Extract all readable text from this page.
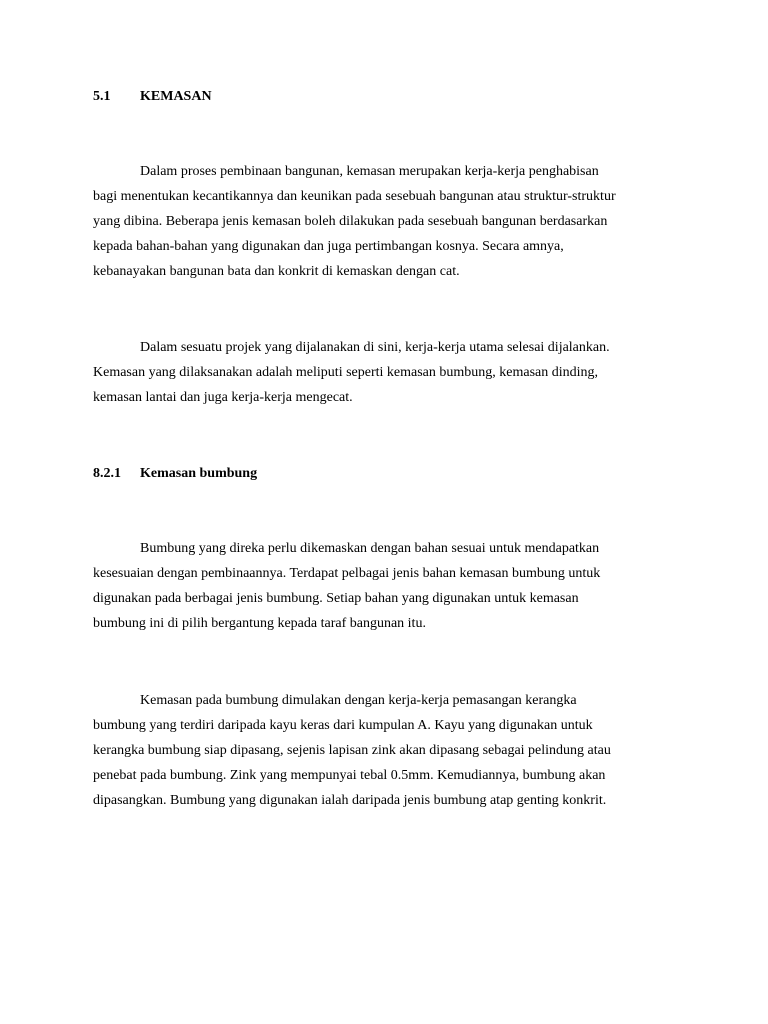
5.1 KEMASAN
Dalam proses pembinaan bangunan, kemasan merupakan kerja-kerja penghabisan
bagi menentukan kecantikannya dan keunikan pada sesebuah bangunan atau struktur-struktur
yang dibina. Beberapa jenis kemasan boleh dilakukan pada sesebuah bangunan berdasarkan
kepada bahan-bahan yang digunakan dan juga pertimbangan kosnya. Secara amnya,
kebanayakan bangunan bata dan konkrit di kemaskan dengan cat.
Dalam sesuatu projek yang dijalanakan di sini, kerja-kerja utama selesai dijalankan.
Kemasan yang dilaksanakan adalah meliputi seperti kemasan bumbung, kemasan dinding,
kemasan lantai dan juga kerja-kerja mengecat.
8.2.1 Kemasan bumbung
Bumbung yang direka perlu dikemaskan dengan bahan sesuai untuk mendapatkan
kesesuaian dengan pembinaannya. Terdapat pelbagai jenis bahan kemasan bumbung untuk
digunakan pada berbagai jenis bumbung. Setiap bahan yang digunakan untuk kemasan
bumbung ini di pilih bergantung kepada taraf bangunan itu.
Kemasan pada bumbung dimulakan dengan kerja-kerja pemasangan kerangka
bumbung yang terdiri daripada kayu keras dari kumpulan A. Kayu yang digunakan untuk
kerangka bumbung siap dipasang, sejenis lapisan zink akan dipasang sebagai pelindung atau
penebat pada bumbung. Zink yang mempunyai tebal 0.5mm. Kemudiannya, bumbung akan
dipasangkan. Bumbung yang digunakan ialah daripada jenis bumbung atap genting konkrit.
